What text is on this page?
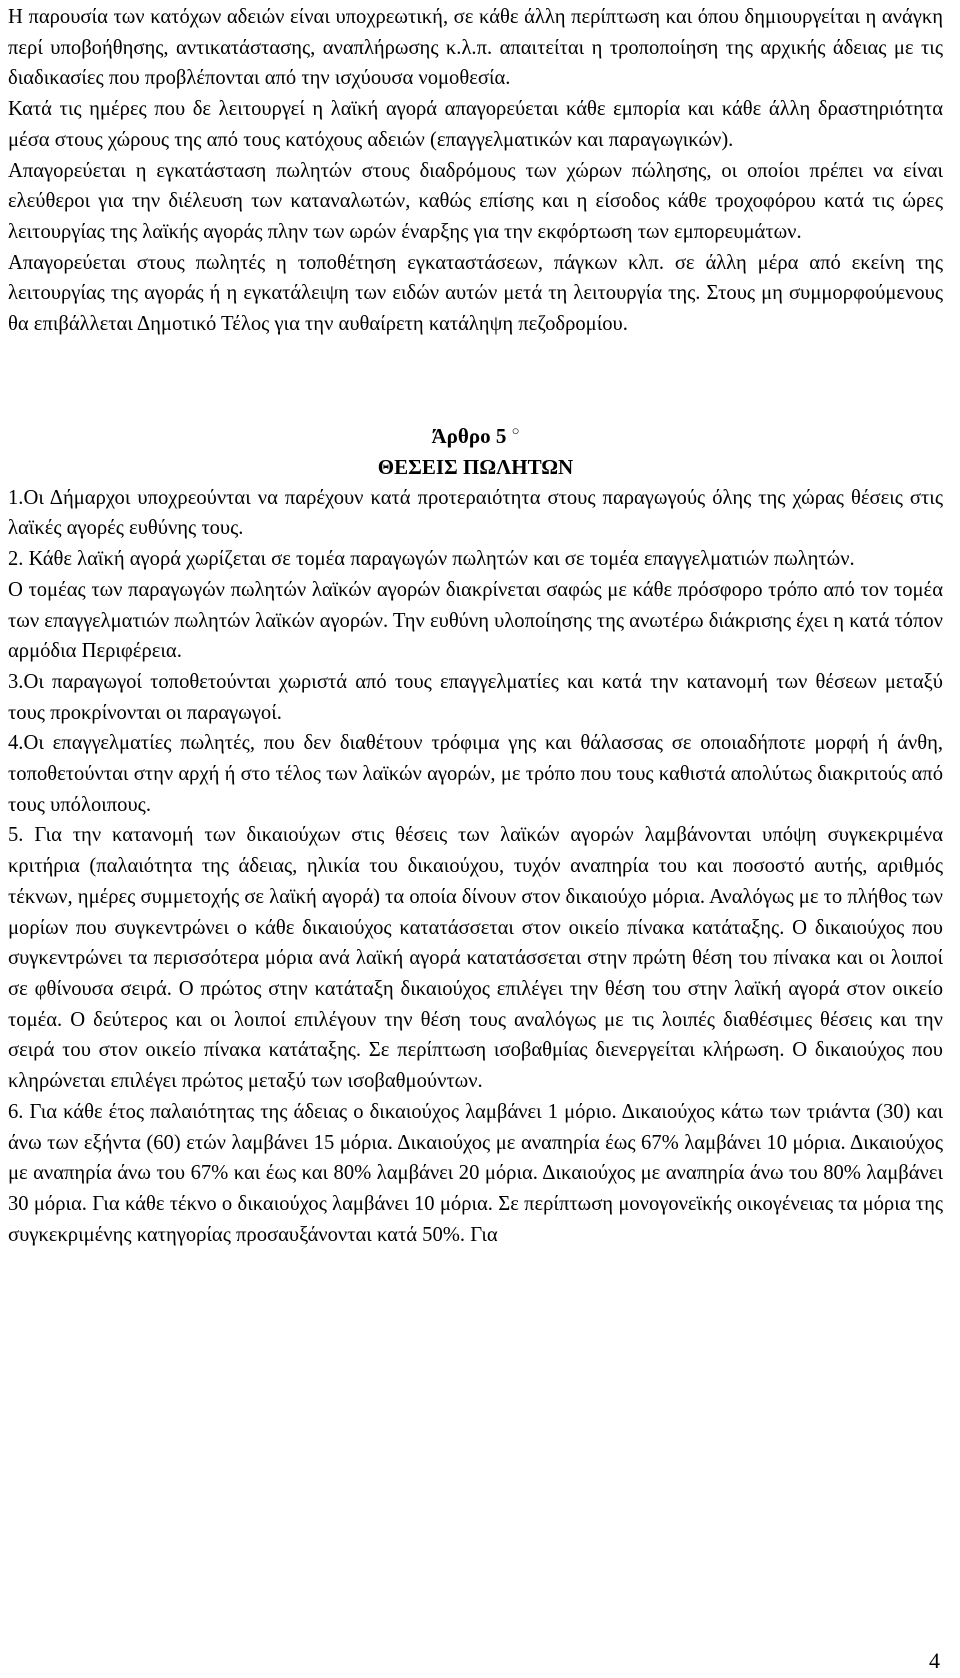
Η παρουσία των κατόχων αδειών είναι υποχρεωτική, σε κάθε άλλη περίπτωση και όπου δημιουργείται η ανάγκη περί υποβοήθησης, αντικατάστασης, αναπλήρωσης κ.λ.π. απαιτείται η τροποποίηση της αρχικής άδειας με τις διαδικασίες που προβλέπονται από την ισχύουσα νομοθεσία.

Κατά τις ημέρες που δε λειτουργεί η λαϊκή αγορά απαγορεύεται κάθε εμπορία και κάθε άλλη δραστηριότητα μέσα στους χώρους της από τους κατόχους αδειών (επαγγελματικών και παραγωγικών).

Απαγορεύεται η εγκατάσταση πωλητών στους διαδρόμους των χώρων πώλησης, οι οποίοι πρέπει να είναι ελεύθεροι για την διέλευση των καταναλωτών, καθώς επίσης και η είσοδος κάθε τροχοφόρου κατά τις ώρες λειτουργίας της λαϊκής αγοράς πλην των ωρών έναρξης για την εκφόρτωση των εμπορευμάτων.

Απαγορεύεται στους πωλητές η τοποθέτηση εγκαταστάσεων, πάγκων κλπ. σε άλλη μέρα από εκείνη της λειτουργίας της αγοράς ή η εγκατάλειψη των ειδών αυτών μετά τη λειτουργία της. Στους μη συμμορφούμενους θα επιβάλλεται Δημοτικό Τέλος για την αυθαίρετη κατάληψη πεζοδρομίου.

Άρθρο 5 ○

ΘΕΣΕΙΣ ΠΩΛΗΤΩΝ

1.Οι Δήμαρχοι υποχρεούνται να παρέχουν κατά προτεραιότητα στους παραγωγούς όλης της χώρας θέσεις στις λαϊκές αγορές ευθύνης τους.

2. Κάθε λαϊκή αγορά χωρίζεται σε τομέα παραγωγών πωλητών και σε τομέα επαγγελματιών πωλητών.

Ο τομέας των παραγωγών πωλητών λαϊκών αγορών διακρίνεται σαφώς με κάθε πρόσφορο τρόπο από τον τομέα των επαγγελματιών πωλητών λαϊκών αγορών. Την ευθύνη υλοποίησης της ανωτέρω διάκρισης έχει η κατά τόπον αρμόδια Περιφέρεια.

3.Οι παραγωγοί τοποθετούνται χωριστά από τους επαγγελματίες και κατά την κατανομή των θέσεων μεταξύ τους προκρίνονται οι παραγωγοί.

4.Οι επαγγελματίες πωλητές, που δεν διαθέτουν τρόφιμα γης και θάλασσας σε οποιαδήποτε μορφή ή άνθη, τοποθετούνται στην αρχή ή στο τέλος των λαϊκών αγορών, με τρόπο που τους καθιστά απολύτως διακριτούς από τους υπόλοιπους.

5. Για την κατανομή των δικαιούχων στις θέσεις των λαϊκών αγορών λαμβάνονται υπόψη συγκεκριμένα κριτήρια (παλαιότητα της άδειας, ηλικία του δικαιούχου, τυχόν αναπηρία του και ποσοστό αυτής, αριθμός τέκνων, ημέρες συμμετοχής σε λαϊκή αγορά) τα οποία δίνουν στον δικαιούχο μόρια. Αναλόγως με το πλήθος των μορίων που συγκεντρώνει ο κάθε δικαιούχος κατατάσσεται στον οικείο πίνακα κατάταξης. Ο δικαιούχος που συγκεντρώνει τα περισσότερα μόρια ανά λαϊκή αγορά κατατάσσεται στην πρώτη θέση του πίνακα και οι λοιποί σε φθίνουσα σειρά. Ο πρώτος στην κατάταξη δικαιούχος επιλέγει την θέση του στην λαϊκή αγορά στον οικείο τομέα. Ο δεύτερος και οι λοιποί επιλέγουν την θέση τους αναλόγως με τις λοιπές διαθέσιμες θέσεις και την σειρά του στον οικείο πίνακα κατάταξης. Σε περίπτωση ισοβαθμίας διενεργείται κλήρωση. Ο δικαιούχος που κληρώνεται επιλέγει πρώτος μεταξύ των ισοβαθμούντων.

6. Για κάθε έτος παλαιότητας της άδειας ο δικαιούχος λαμβάνει 1 μόριο. Δικαιούχος κάτω των τριάντα (30) και άνω των εξήντα (60) ετών λαμβάνει 15 μόρια. Δικαιούχος με αναπηρία έως 67% λαμβάνει 10 μόρια. Δικαιούχος με αναπηρία άνω του 67% και έως και 80% λαμβάνει 20 μόρια. Δικαιούχος με αναπηρία άνω του 80% λαμβάνει 30 μόρια. Για κάθε τέκνο ο δικαιούχος λαμβάνει 10 μόρια. Σε περίπτωση μονογονεϊκής οικογένειας τα μόρια της συγκεκριμένης κατηγορίας προσαυξάνονται κατά 50%. Για

4
